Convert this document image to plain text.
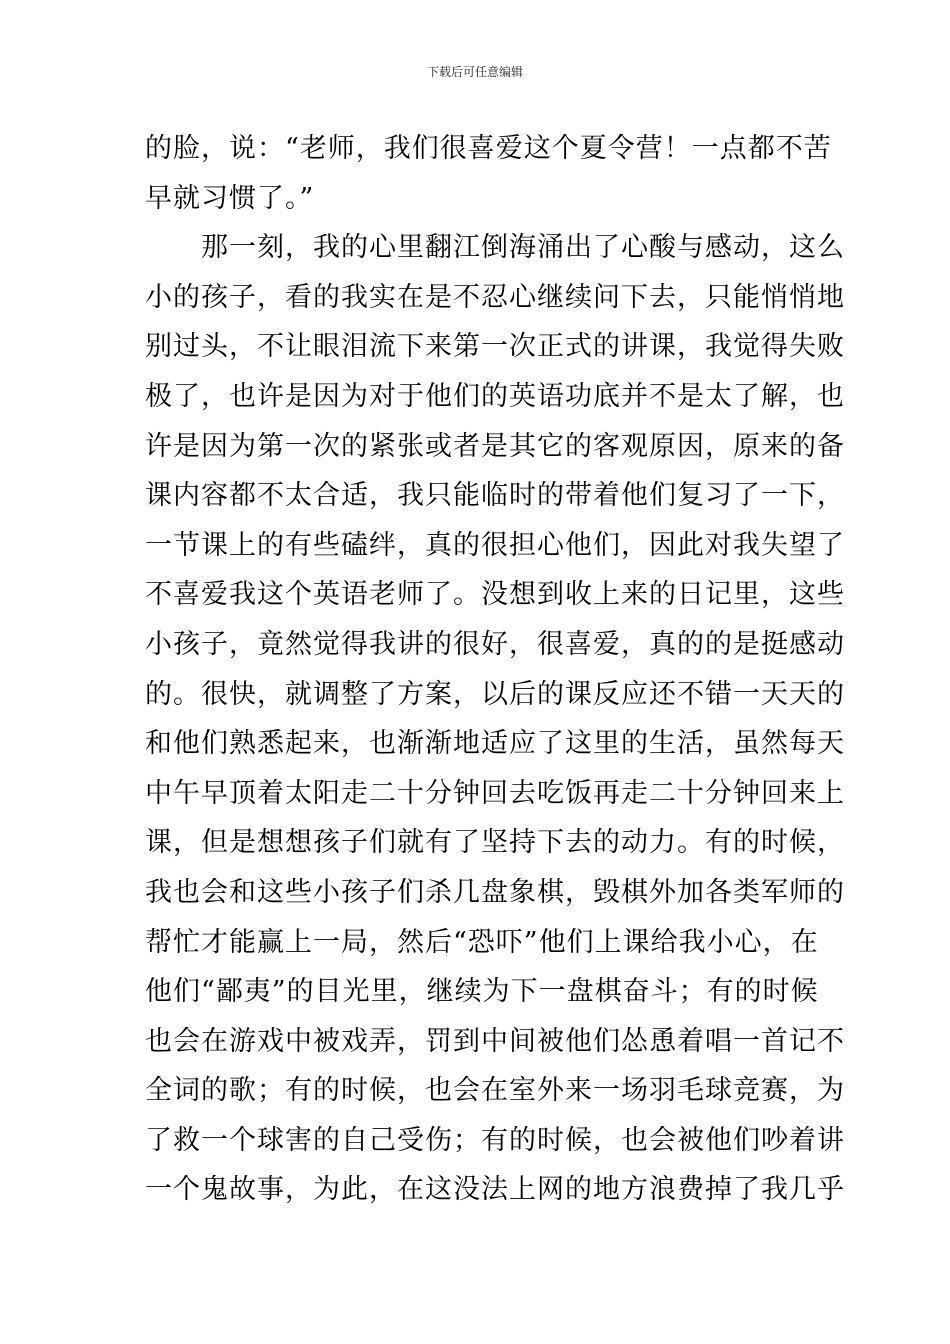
下载后可任意编辑
的脸，说：“老师，我们很喜爱这个夏令营！一点都不苦
早就习惯了。”
那一刻，我的心里翻江倒海涌出了心酸与感动，这么
小的孩子，看的我实在是不忍心继续问下去，只能悄悄地
别过头，不让眼泪流下来第一次正式的讲课，我觉得失败
极了，也许是因为对于他们的英语功底并不是太了解，也
许是因为第一次的紧张或者是其它的客观原因，原来的备
课内容都不太合适，我只能临时的带着他们复习了一下，
一节课上的有些磕绊，真的很担心他们，因此对我失望了
不喜爱我这个英语老师了。没想到收上来的日记里，这些
小孩子，竟然觉得我讲的很好，很喜爱，真的的是挺感动
的。很快，就调整了方案，以后的课反应还不错一天天的
和他们熟悉起来，也渐渐地适应了这里的生活，虽然每天
中午早顶着太阳走二十分钟回去吃饭再走二十分钟回来上
课，但是想想孩子们就有了坚持下去的动力。有的时候，
我也会和这些小孩子们杀几盘象棋，毁棋外加各类军师的
帮忙才能赢上一局，然后“恐吓”他们上课给我小心，在
他们“鄙夷”的目光里，继续为下一盘棋奋斗；有的时候
也会在游戏中被戏弄，罚到中间被他们怂恿着唱一首记不
全词的歌；有的时候，也会在室外来一场羽毛球竞赛，为
了救一个球害的自己受伤；有的时候，也会被他们吵着讲
一个鬼故事，为此，在这没法上网的地方浪费掉了我几乎
